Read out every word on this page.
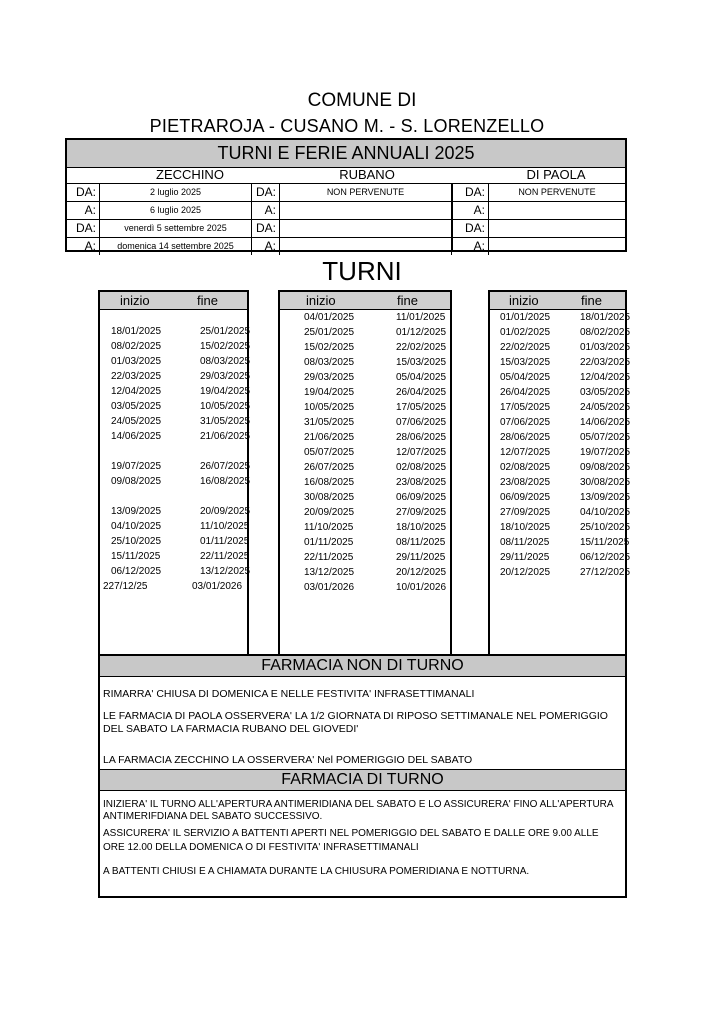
COMUNE DI
PIETRAROJA - CUSANO M. - S. LORENZELLO
TURNI E FERIE ANNUALI 2025
ZECCHINO	RUBANO	DI PAOLA
DA:	2 luglio 2025	DA:	NON PERVENUTE	DA:	NON PERVENUTE
A:	6 luglio 2025	A:	A:
DA:	venerdì 5 settembre 2025	DA:	DA:
A:	domenica 14 settembre 2025	A:	A:
TURNI
inizio	fine
18/01/2025	25/01/2025
08/02/2025	15/02/2025
01/03/2025	08/03/2025
22/03/2025	29/03/2025
12/04/2025	19/04/2025
03/05/2025	10/05/2025
24/05/2025	31/05/2025
14/06/2025	21/06/2025
19/07/2025	26/07/2025
09/08/2025	16/08/2025
13/09/2025	20/09/2025
04/10/2025	11/10/2025
25/10/2025	01/11/2025
15/11/2025	22/11/2025
06/12/2025	13/12/2025
227/12/25	03/01/2026
inizio	fine
04/01/2025	11/01/2025
25/01/2025	01/12/2025
15/02/2025	22/02/2025
08/03/2025	15/03/2025
29/03/2025	05/04/2025
19/04/2025	26/04/2025
10/05/2025	17/05/2025
31/05/2025	07/06/2025
21/06/2025	28/06/2025
05/07/2025	12/07/2025
26/07/2025	02/08/2025
16/08/2025	23/08/2025
30/08/2025	06/09/2025
20/09/2025	27/09/2025
11/10/2025	18/10/2025
01/11/2025	08/11/2025
22/11/2025	29/11/2025
13/12/2025	20/12/2025
03/01/2026	10/01/2026
inizio	fine
01/01/2025	18/01/2025
01/02/2025	08/02/2025
22/02/2025	01/03/2025
15/03/2025	22/03/2025
05/04/2025	12/04/2025
26/04/2025	03/05/2025
17/05/2025	24/05/2025
07/06/2025	14/06/2025
28/06/2025	05/07/2025
12/07/2025	19/07/2025
02/08/2025	09/08/2025
23/08/2025	30/08/2025
06/09/2025	13/09/2025
27/09/2025	04/10/2025
18/10/2025	25/10/2025
08/11/2025	15/11/2025
29/11/2025	06/12/2025
20/12/2025	27/12/2025
FARMACIA NON DI TURNO
RIMARRA' CHIUSA DI DOMENICA E NELLE FESTIVITA' INFRASETTIMANALI
LE FARMACIA DI PAOLA OSSERVERA' LA 1/2 GIORNATA DI RIPOSO SETTIMANALE NEL POMERIGGIO DEL SABATO LA FARMACIA RUBANO DEL GIOVEDI'
LA FARMACIA ZECCHINO LA OSSERVERA' Nel POMERIGGIO DEL SABATO
FARMACIA DI TURNO
INIZIERA' IL TURNO ALL'APERTURA ANTIMERIDIANA DEL SABATO E LO ASSICURERA' FINO ALL'APERTURA ANTIMERIFDIANA DEL SABATO SUCCESSIVO.
ASSICURERA' IL SERVIZIO A BATTENTI APERTI NEL POMERIGGIO DEL SABATO E DALLE ORE 9.00 ALLE ORE 12.00 DELLA DOMENICA O DI FESTIVITA' INFRASETTIMANALI
A BATTENTI CHIUSI E A CHIAMATA DURANTE LA CHIUSURA POMERIDIANA E NOTTURNA.
